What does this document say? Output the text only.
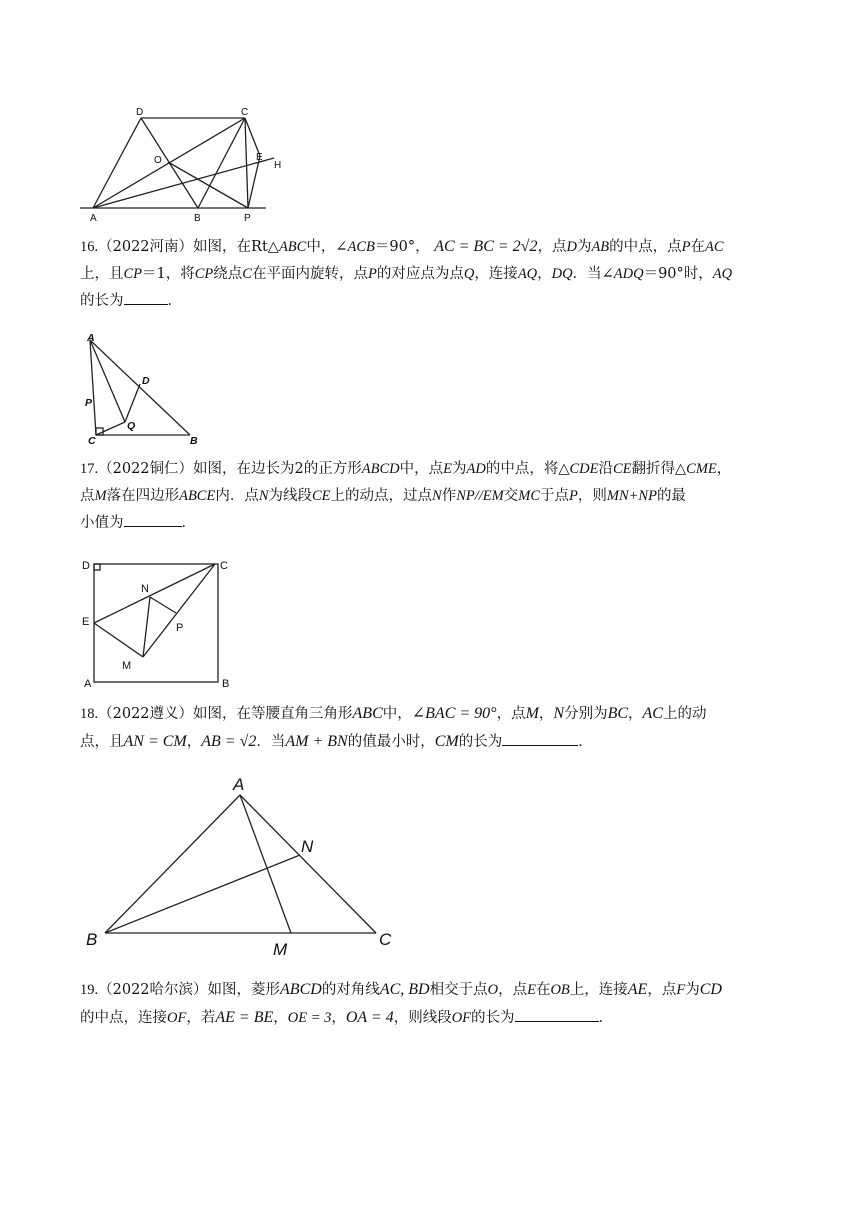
D	C
O	E
H
A	B	P
16.（2022河南）如图，在Rt△ABC中，∠ACB＝90°， AC = BC = 2√2，点D为AB的中点，点P在AC
上，且CP＝1，将CP绕点C在平面内旋转，点P的对应点为点Q，连接AQ，DQ．当∠ADQ＝90°时，AQ
的长为	．
A
D
P
C
Q
B
17.（2022铜仁）如图，在边长为2的正方形ABCD中，点E为AD的中点，将△CDE沿CE翻折得△CME，
点M落在四边形ABCE内．点N为线段CE上的动点，过点N作NP//EM交MC于点P，则MN+NP的最
小值为	．
D	C
N
E	P
M
A	B
18.（2022遵义）如图，在等腰直角三角形ABC中，∠BAC = 90°，点M，N分别为BC，AC上的动
点，且AN = CM，AB = √2．当AM + BN的值最小时，CM的长为	．
A
N
B
M
C
19.（2022哈尔滨）如图，菱形ABCD的对角线AC, BD相交于点O，点E在OB上，连接AE，点F为CD
的中点，连接OF，若AE = BE，OE = 3，OA = 4，则线段OF的长为	．
